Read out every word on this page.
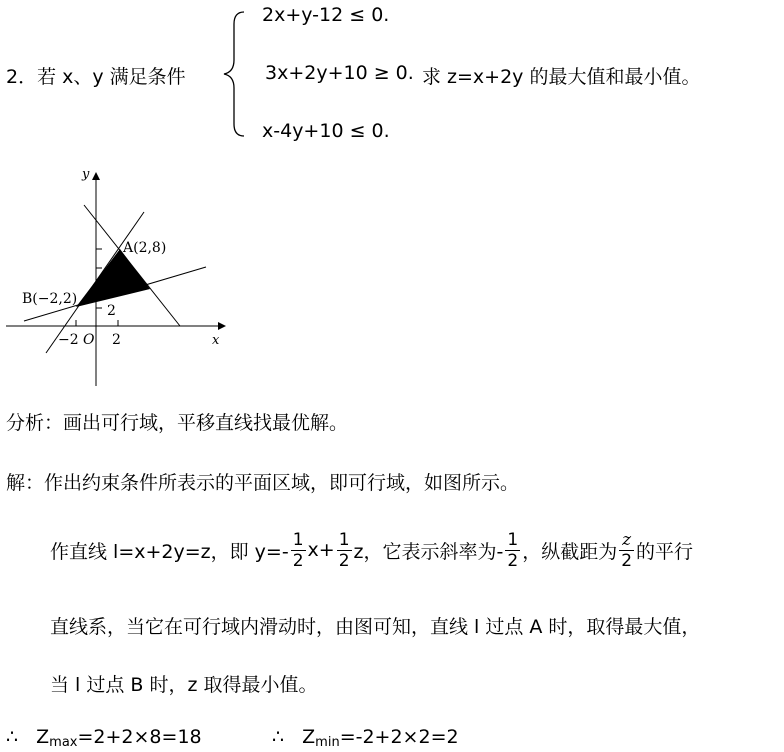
2．若 x、y 满足条件
2x+y-12 ≤ 0.
3x+2y+10 ≥ 0. 求 z=x+2y 的最大值和最小值。
x-4y+10 ≤ 0.
y
x
O
A(2,8)
B(−2,2)
−2 2
2
分析：画出可行域，平移直线找最优解。
解：作出约束条件所表示的平面区域，即可行域，如图所示。
作直线 l=x+2y=z，即 $y=- \frac{1}{2} x+ \frac{1}{2}$ z，它表示斜率为- $\frac{1}{2}$ ，纵截距为 $\frac{z}{2}$ 的平行
直线系，当它在可行域内滑动时，由图可知，直线 l 过点 A 时，取得最大值，
当 l 过点 B 时，z 取得最小值。
∴ $Z_{max}=2+2\times 8=18$	∴ $Z_{min}=-2+2\times 2=2$
